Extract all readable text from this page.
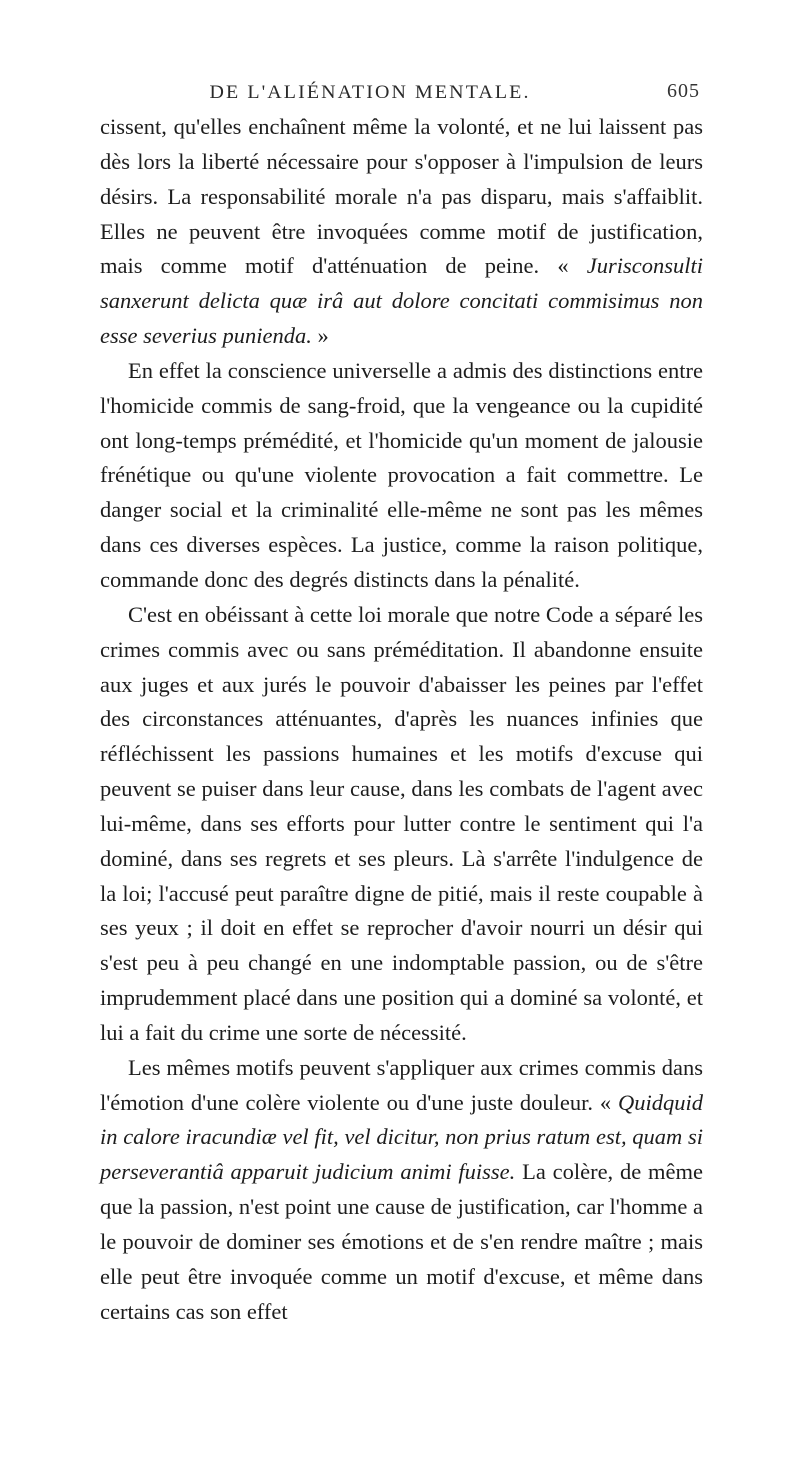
DE L'ALIÉNATION MENTALE.	605

cissent, qu'elles enchaînent même la volonté, et ne lui laissent pas dès lors la liberté nécessaire pour s'opposer à l'impulsion de leurs désirs. La responsabilité morale n'a pas disparu, mais s'affaiblit. Elles ne peuvent être invoquées comme motif de justification, mais comme motif d'atténuation de peine. « Jurisconsulti sanxerunt delicta quæ irâ aut dolore concitati commisimus non esse severius punienda. »

En effet la conscience universelle a admis des distinctions entre l'homicide commis de sang-froid, que la vengeance ou la cupidité ont long-temps prémédité, et l'homicide qu'un moment de jalousie frénétique ou qu'une violente provocation a fait commettre. Le danger social et la criminalité elle-même ne sont pas les mêmes dans ces diverses espèces. La justice, comme la raison politique, commande donc des degrés distincts dans la pénalité.

C'est en obéissant à cette loi morale que notre Code a séparé les crimes commis avec ou sans préméditation. Il abandonne ensuite aux juges et aux jurés le pouvoir d'abaisser les peines par l'effet des circonstances atténuantes, d'après les nuances infinies que réfléchissent les passions humaines et les motifs d'excuse qui peuvent se puiser dans leur cause, dans les combats de l'agent avec lui-même, dans ses efforts pour lutter contre le sentiment qui l'a dominé, dans ses regrets et ses pleurs. Là s'arrête l'indulgence de la loi; l'accusé peut paraître digne de pitié, mais il reste coupable à ses yeux ; il doit en effet se reprocher d'avoir nourri un désir qui s'est peu à peu changé en une indomptable passion, ou de s'être imprudemment placé dans une position qui a dominé sa volonté, et lui a fait du crime une sorte de nécessité.

Les mêmes motifs peuvent s'appliquer aux crimes commis dans l'émotion d'une colère violente ou d'une juste douleur. « Quidquid in calore iracundiæ vel fit, vel dicitur, non prius ratum est, quam si perseverantiâ apparuit judicium animi fuisse. La colère, de même que la passion, n'est point une cause de justification, car l'homme a le pouvoir de dominer ses émotions et de s'en rendre maître ; mais elle peut être invoquée comme un motif d'excuse, et même dans certains cas son effet
